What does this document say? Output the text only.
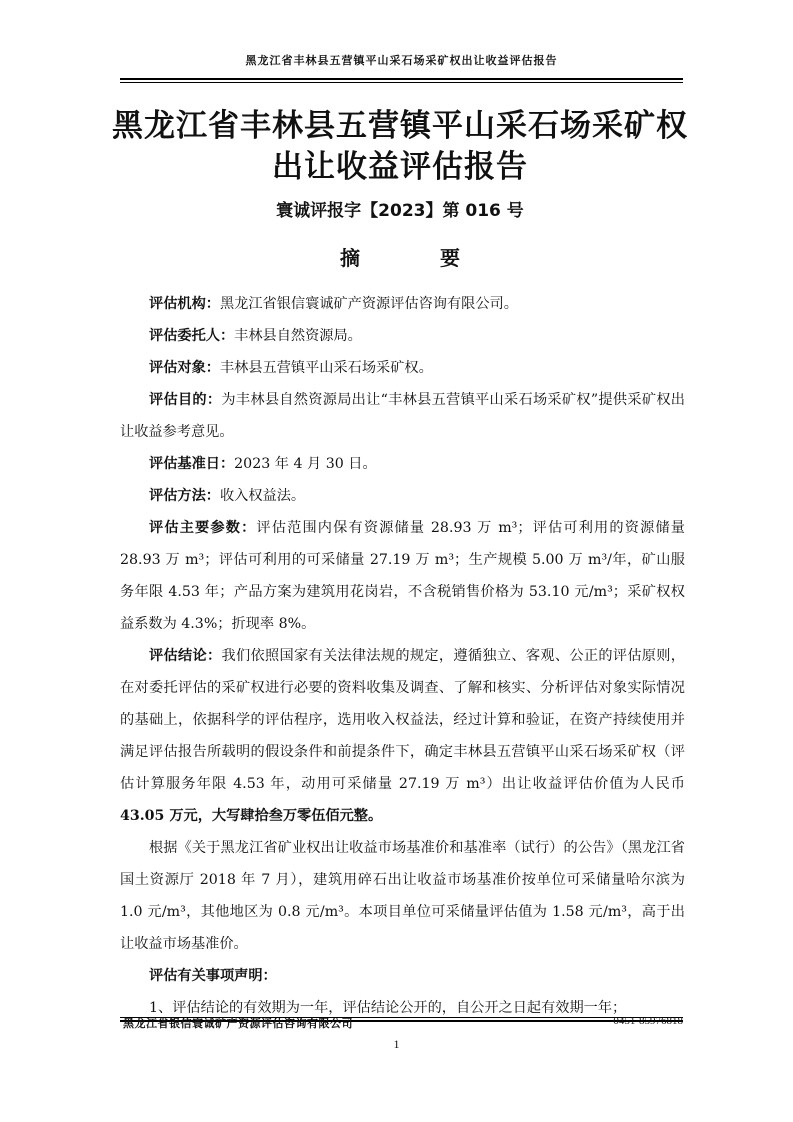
黑龙江省丰林县五营镇平山采石场采矿权出让收益评估报告
黑龙江省丰林县五营镇平山采石场采矿权
出让收益评估报告
寰诚评报字【2023】第 016 号
摘　要

评估机构：黑龙江省银信寰诚矿产资源评估咨询有限公司。

评估委托人：丰林县自然资源局。

评估对象：丰林县五营镇平山采石场采矿权。

评估目的：为丰林县自然资源局出让“丰林县五营镇平山采石场采矿权”提供采矿权出让收益参考意见。

评估基准日：2023 年 4 月 30 日。

评估方法：收入权益法。

评估主要参数：评估范围内保有资源储量 28.93 万 m³；评估可利用的资源储量 28.93 万 m³；评估可利用的可采储量 27.19 万 m³；生产规模 5.00 万 m³/年，矿山服务年限 4.53 年；产品方案为建筑用花岗岩，不含税销售价格为 53.10 元/m³；采矿权权益系数为 4.3%；折现率 8%。

评估结论：我们依照国家有关法律法规的规定，遵循独立、客观、公正的评估原则，在对委托评估的采矿权进行必要的资料收集及调查、了解和核实、分析评估对象实际情况的基础上，依据科学的评估程序，选用收入权益法，经过计算和验证，在资产持续使用并满足评估报告所载明的假设条件和前提条件下，确定丰林县五营镇平山采石场采矿权（评估计算服务年限 4.53 年，动用可采储量 27.19 万 m³）出让收益评估价值为人民币43.05 万元，大写肆拾叁万零伍佰元整。

根据《关于黑龙江省矿业权出让收益市场基准价和基准率（试行）的公告》（黑龙江省国土资源厅 2018 年 7 月），建筑用碎石出让收益市场基准价按单位可采储量哈尔滨为 1.0 元/m³，其他地区为 0.8 元/m³。本项目单位可采储量评估值为 1.58 元/m³，高于出让收益市场基准价。

评估有关事项声明：

1、评估结论的有效期为一年，评估结论公开的，自公开之日起有效期一年；

黑龙江省银信寰诚矿产资源评估咨询有限公司	0451-85976818
1
